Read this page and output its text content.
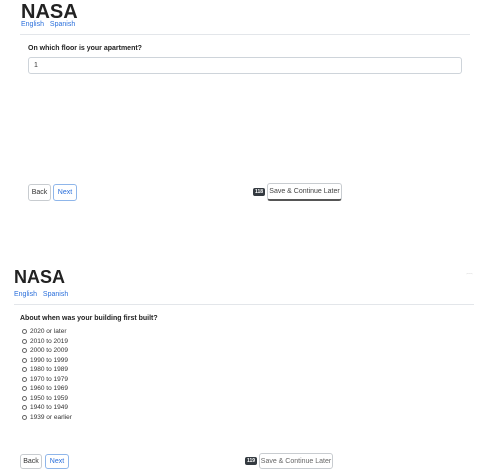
NASA
English Spanish

On which floor is your apartment?

1
Back	Next	118 Save & Continue Later
NASA
English Spanish
⌒

About when was your building first built?

2020 or later
2010 to 2019
2000 to 2009
1990 to 1999
1980 to 1989
1970 to 1979
1960 to 1969
1950 to 1959
1940 to 1949
1939 or earlier
Back	Next	119 Save & Continue Later
